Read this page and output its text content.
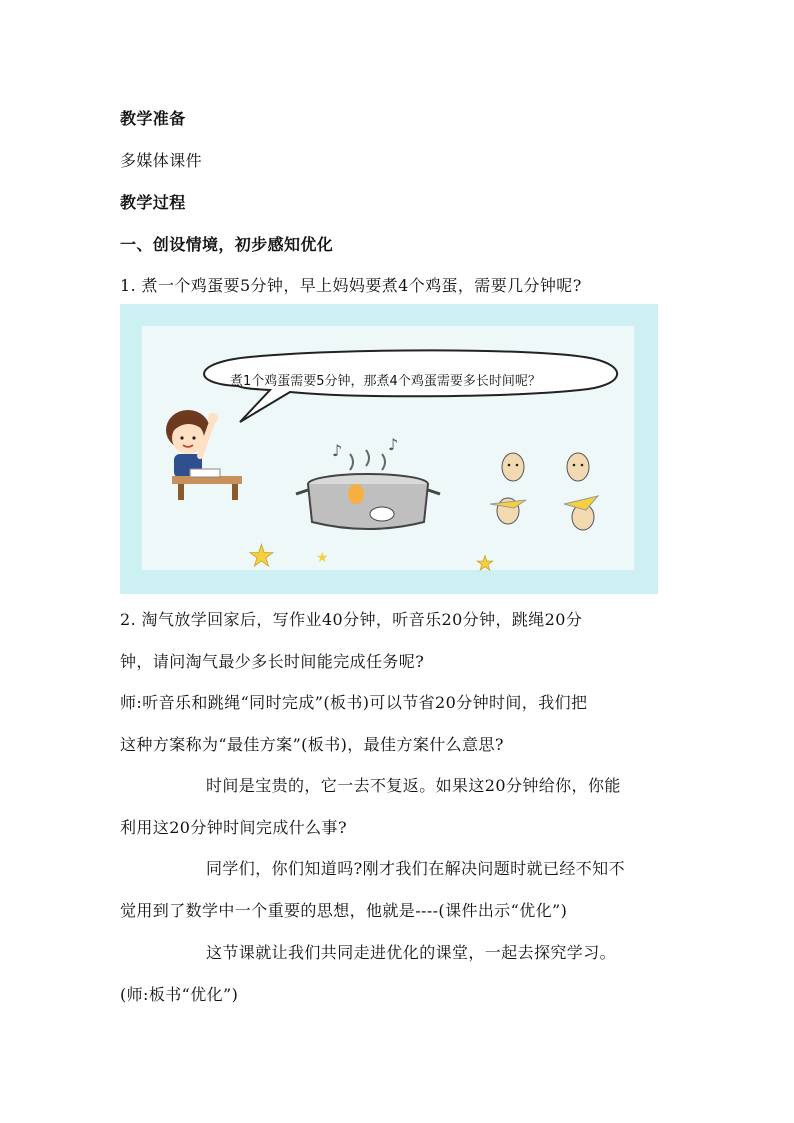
教学准备
多媒体课件
教学过程
一、创设情境，初步感知优化
1. 煮一个鸡蛋要5分钟，早上妈妈要煮4个鸡蛋，需要几分钟呢?
♪	♪
★	★	★
煮1个鸡蛋需要5分钟，那煮4个鸡蛋需要多长时间呢？
2. 淘气放学回家后，写作业40分钟，听音乐20分钟，跳绳20分
钟，请问淘气最少多长时间能完成任务呢?
师:听音乐和跳绳“同时完成”(板书)可以节省20分钟时间，我们把
这种方案称为“最佳方案”(板书)，最佳方案什么意思?
时间是宝贵的，它一去不复返。如果这20分钟给你，你能
利用这20分钟时间完成什么事?
同学们，你们知道吗?刚才我们在解决问题时就已经不知不
觉用到了数学中一个重要的思想，他就是----(课件出示“优化”)
这节课就让我们共同走进优化的课堂，一起去探究学习。
(师:板书“优化”)
